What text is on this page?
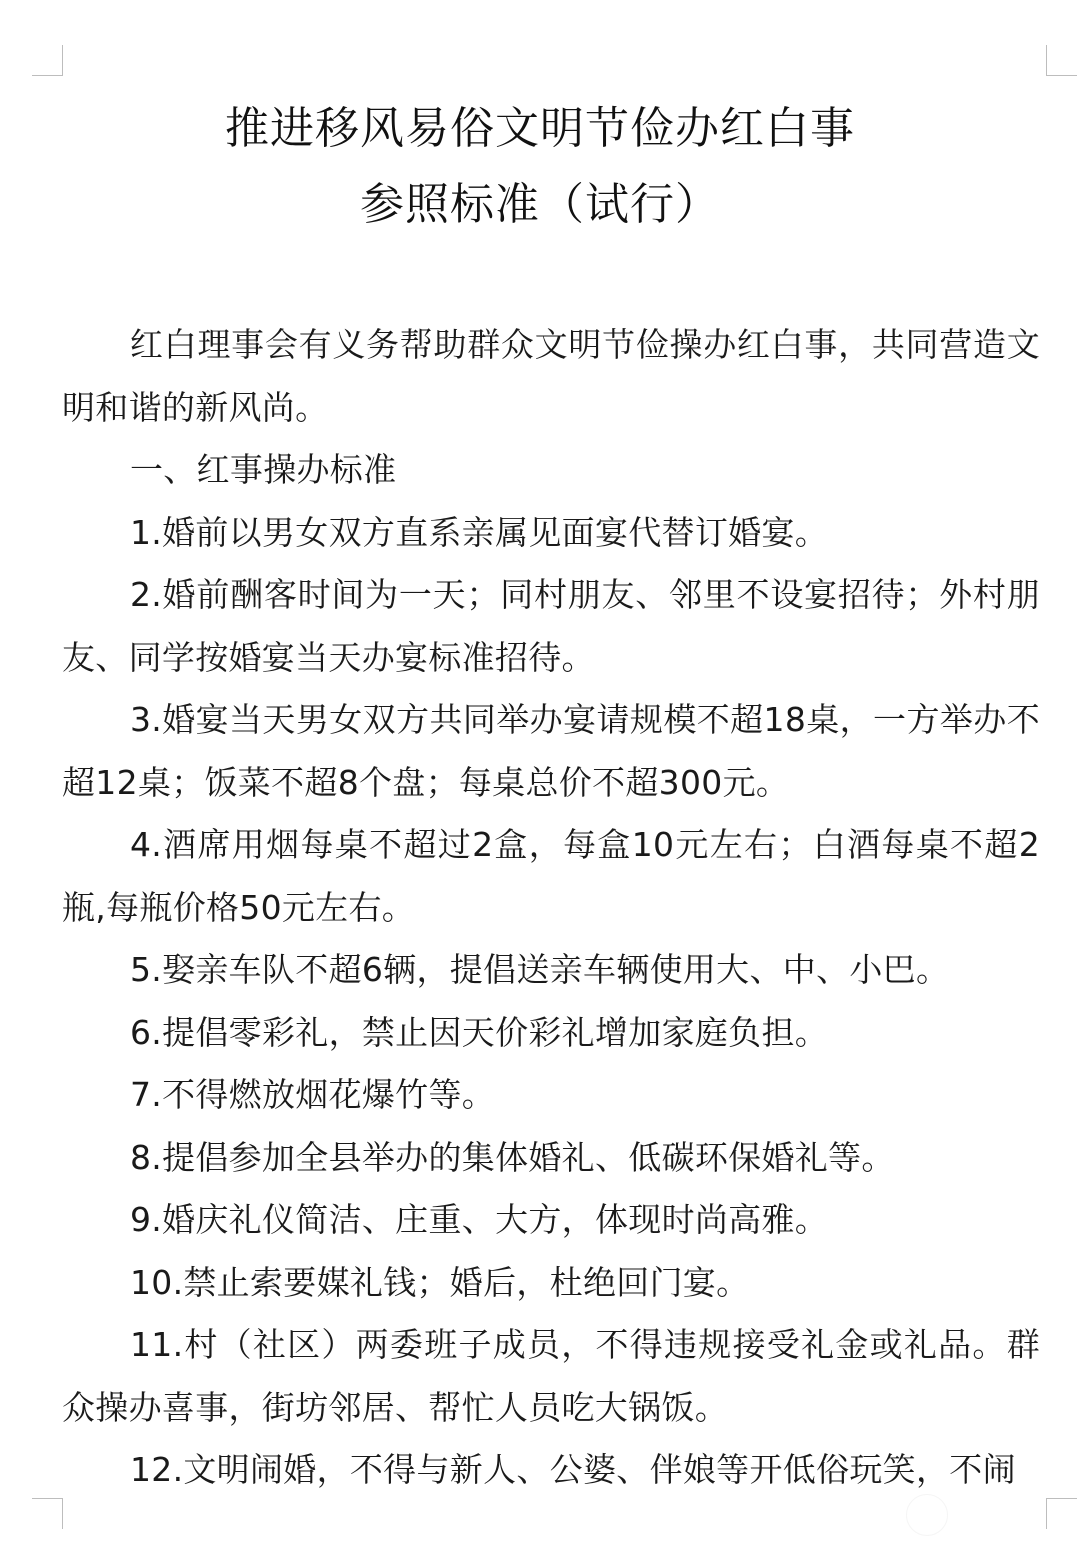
推进移风易俗文明节俭办红白事
参照标准（试行）

红白理事会有义务帮助群众文明节俭操办红白事，共同营造文明和谐的新风尚。

一、红事操办标准

1.婚前以男女双方直系亲属见面宴代替订婚宴。

2.婚前酬客时间为一天；同村朋友、邻里不设宴招待；外村朋友、同学按婚宴当天办宴标准招待。

3.婚宴当天男女双方共同举办宴请规模不超18桌，一方举办不超12桌；饭菜不超8个盘；每桌总价不超300元。

4.酒席用烟每桌不超过2盒，每盒10元左右；白酒每桌不超2瓶,每瓶价格50元左右。

5.娶亲车队不超6辆，提倡送亲车辆使用大、中、小巴。

6.提倡零彩礼，禁止因天价彩礼增加家庭负担。

7.不得燃放烟花爆竹等。

8.提倡参加全县举办的集体婚礼、低碳环保婚礼等。

9.婚庆礼仪简洁、庄重、大方，体现时尚高雅。

10.禁止索要媒礼钱；婚后，杜绝回门宴。

11.村（社区）两委班子成员，不得违规接受礼金或礼品。群众操办喜事，街坊邻居、帮忙人员吃大锅饭。

12.文明闹婚，不得与新人、公婆、伴娘等开低俗玩笑，不闹
